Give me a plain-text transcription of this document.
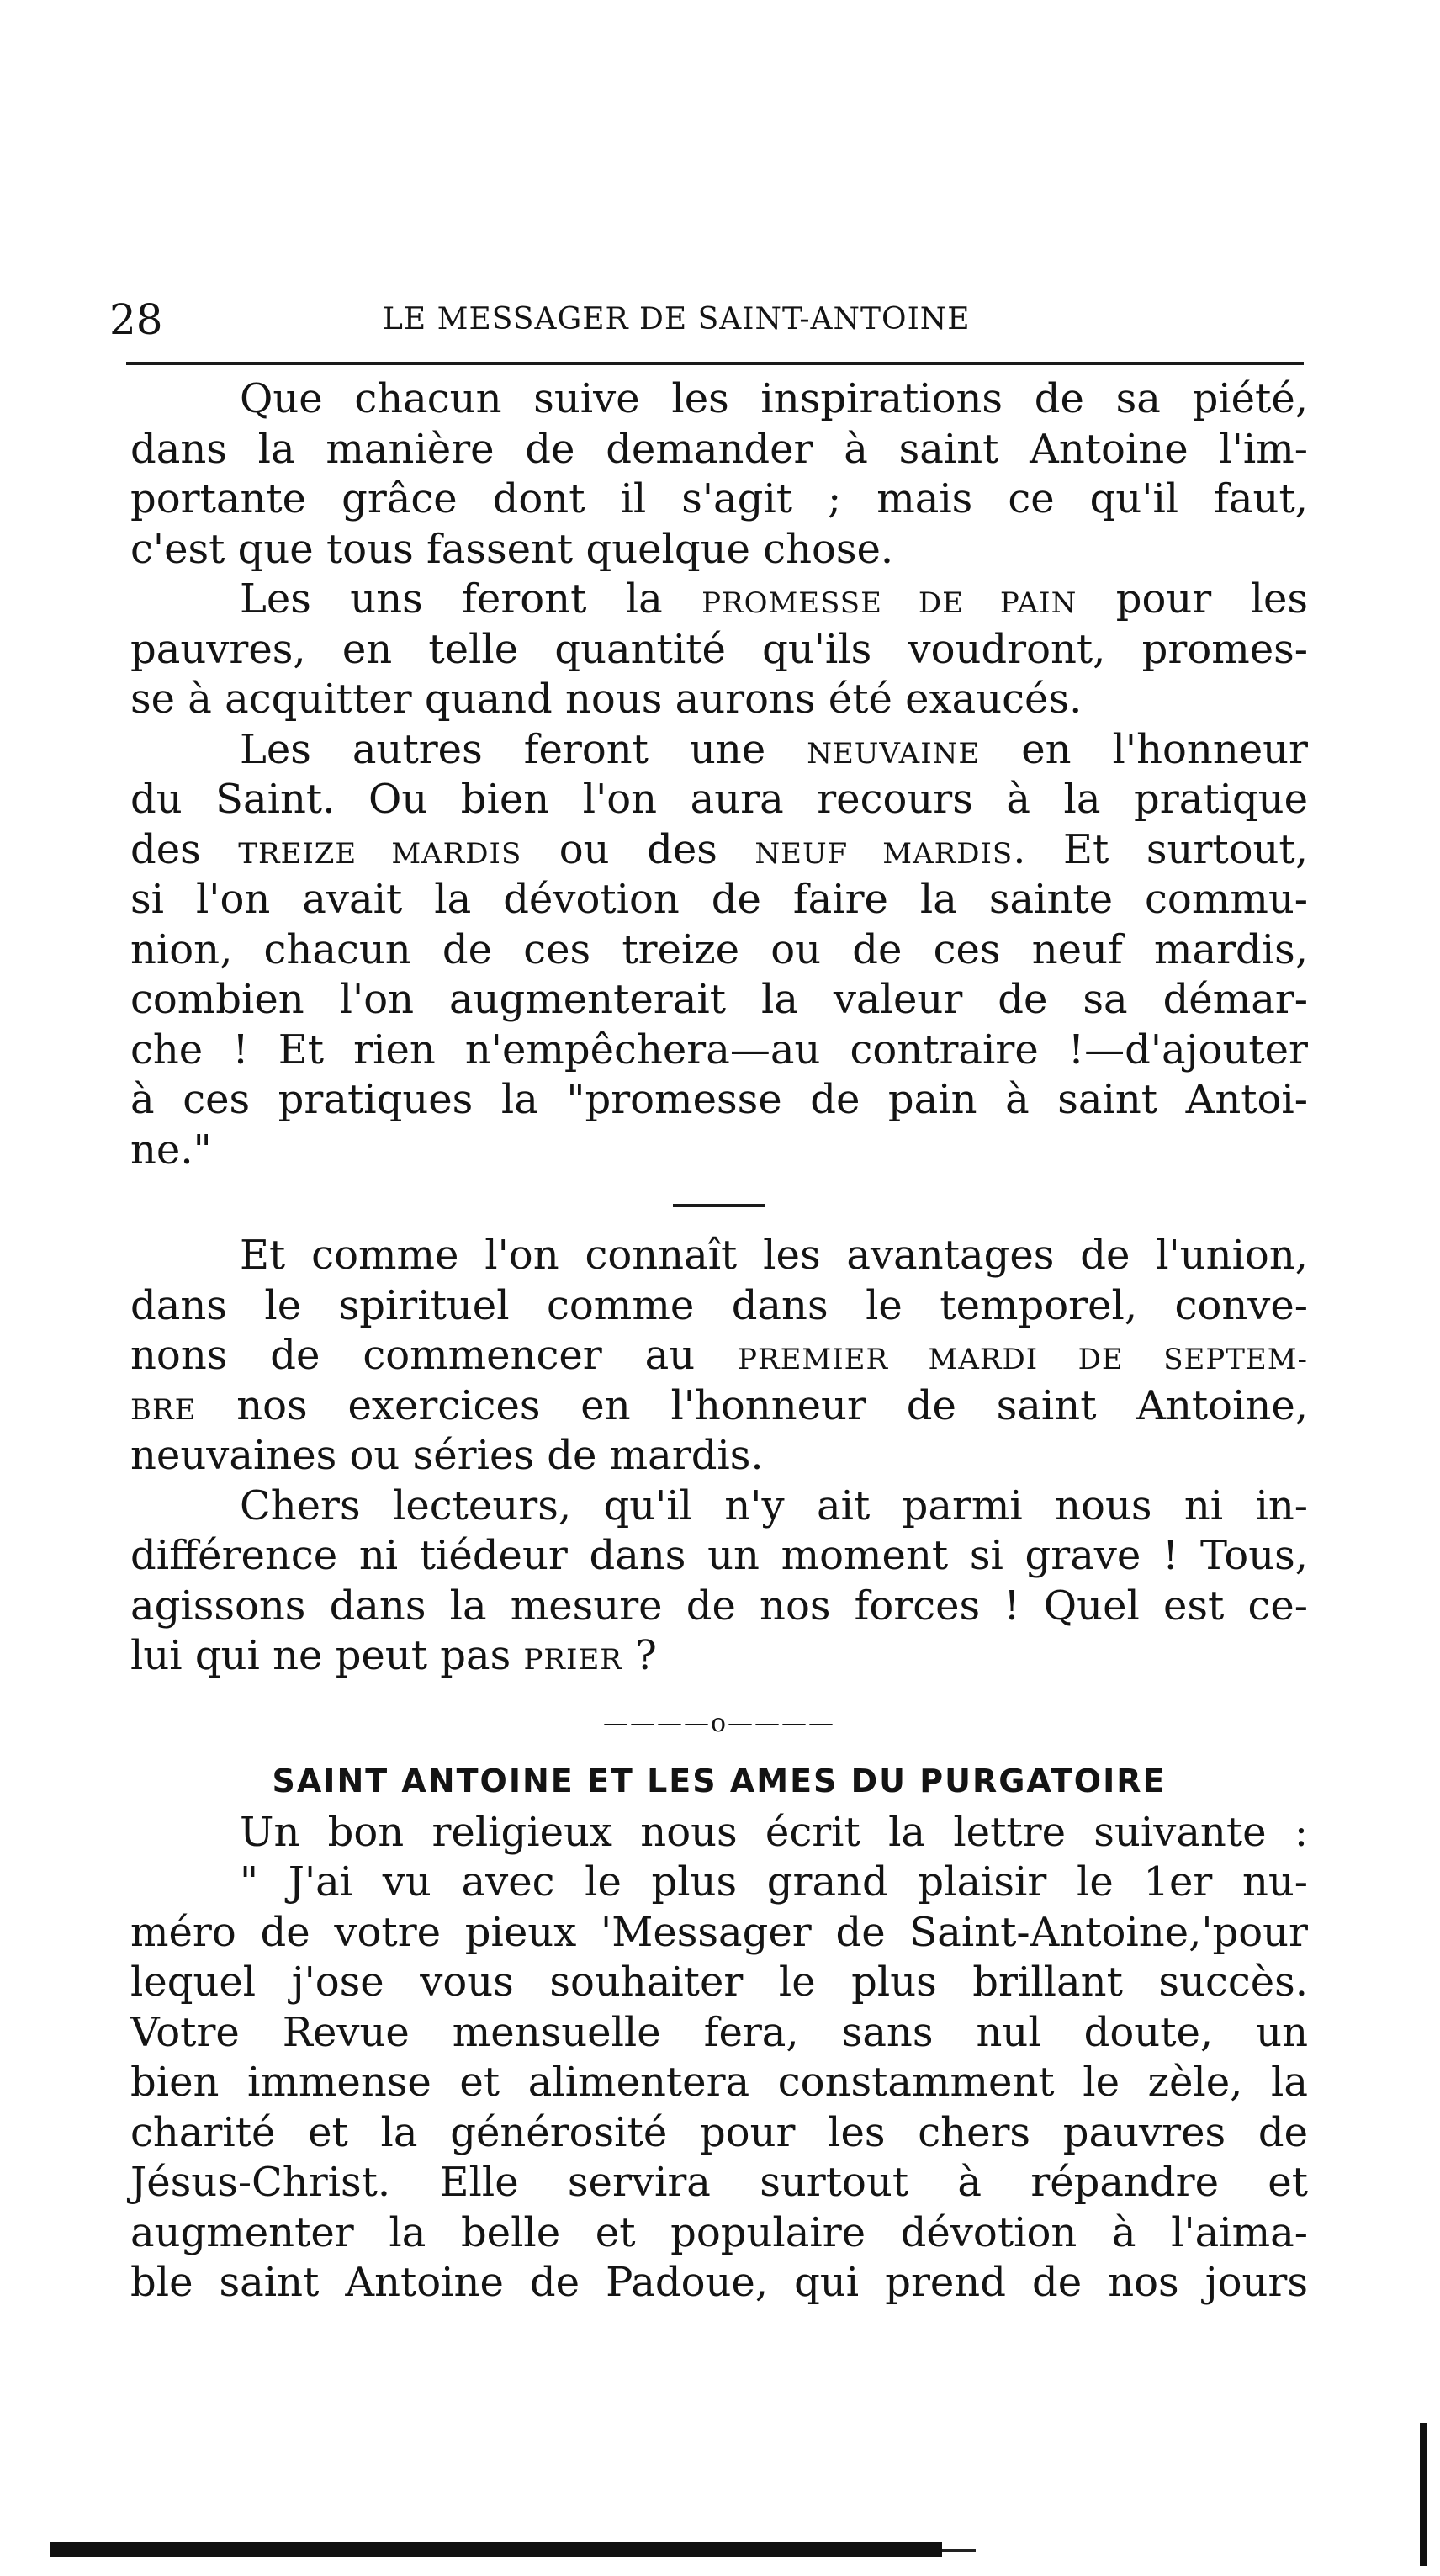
28	LE MESSAGER DE SAINT-ANTOINE
Que chacun suive les inspirations de sa piété,
dans la manière de demander à saint Antoine l'im-
portante grâce dont il s'agit ; mais ce qu'il faut,
c'est que tous fassent quelque chose.
Les uns feront la PROMESSE DE PAIN pour les
pauvres, en telle quantité qu'ils voudront, promes-
se à acquitter quand nous aurons été exaucés.
Les autres feront une NEUVAINE en l'honneur
du Saint. Ou bien l'on aura recours à la pratique
des TREIZE MARDIS ou des NEUF MARDIS. Et surtout,
si l'on avait la dévotion de faire la sainte commu-
nion, chacun de ces treize ou de ces neuf mardis,
combien l'on augmenterait la valeur de sa démar-
che ! Et rien n'empêchera—au contraire !—d'ajouter
à ces pratiques la "promesse de pain à saint Antoi-
ne."
Et comme l'on connaît les avantages de l'union,
dans le spirituel comme dans le temporel, conve-
nons de commencer au PREMIER MARDI DE SEPTEM-
BRE nos exercices en l'honneur de saint Antoine,
neuvaines ou séries de mardis.
Chers lecteurs, qu'il n'y ait parmi nous ni in-
différence ni tiédeur dans un moment si grave ! Tous,
agissons dans la mesure de nos forces ! Quel est ce-
lui qui ne peut pas PRIER ?
————o————
SAINT ANTOINE ET LES AMES DU PURGATOIRE
Un bon religieux nous écrit la lettre suivante :
" J'ai vu avec le plus grand plaisir le 1er nu-
méro de votre pieux 'Messager de Saint-Antoine,'pour
lequel j'ose vous souhaiter le plus brillant succès.
Votre Revue mensuelle fera, sans nul doute, un
bien immense et alimentera constamment le zèle, la
charité et la générosité pour les chers pauvres de
Jésus-Christ. Elle servira surtout à répandre et
augmenter la belle et populaire dévotion à l'aima-
ble saint Antoine de Padoue, qui prend de nos jours
